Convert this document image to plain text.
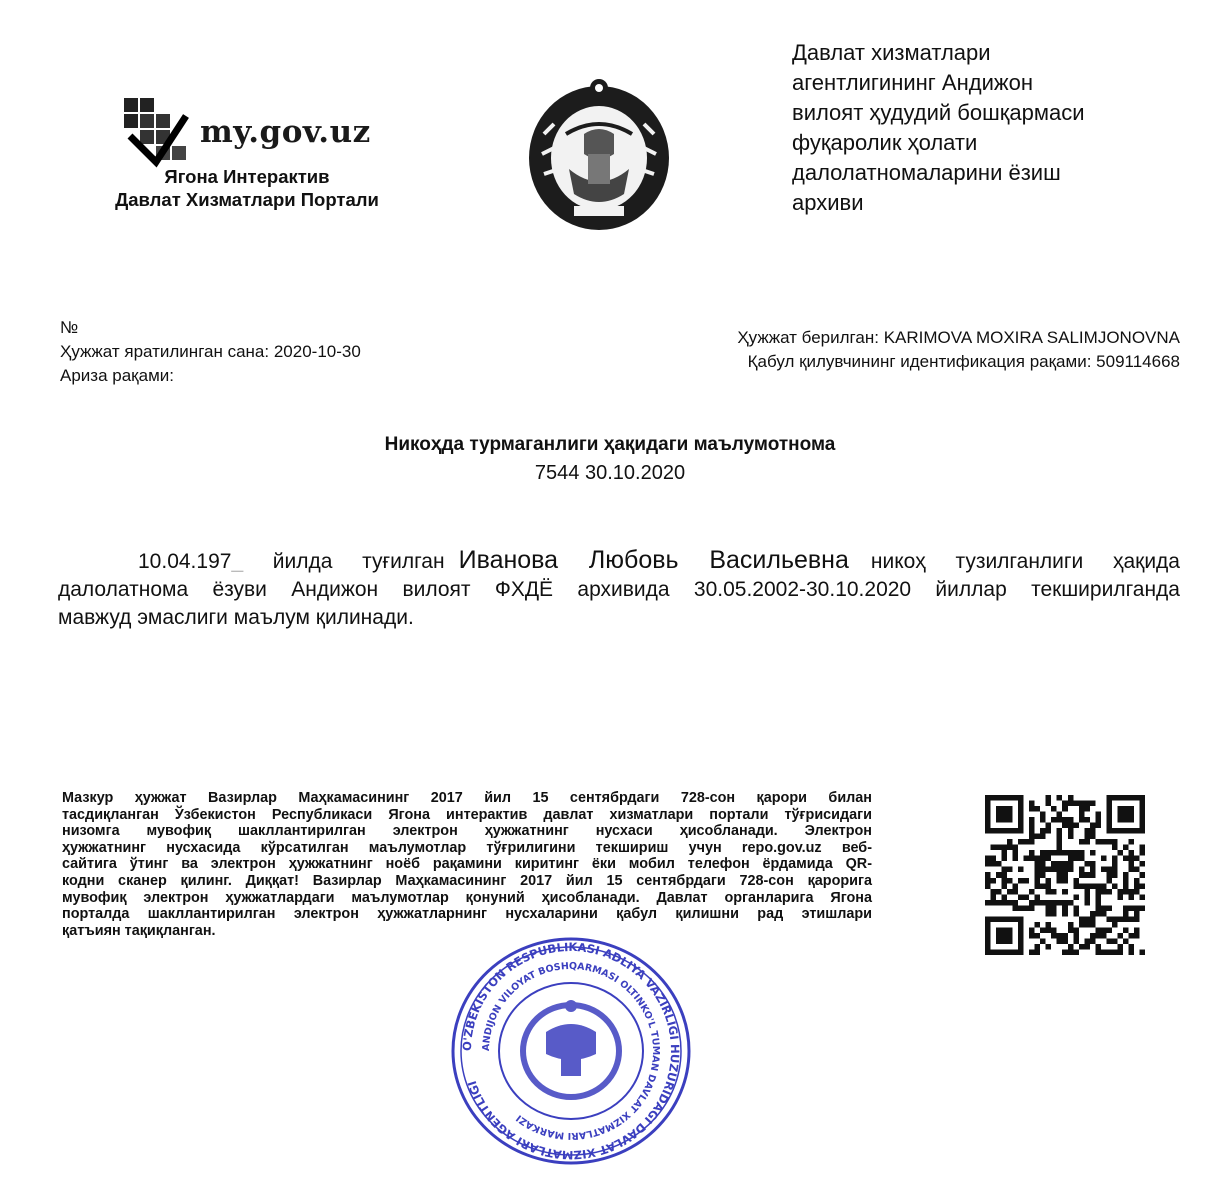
my.gov.uz
Ягона Интерактив
Давлат Хизматлари Портали
Давлат хизматлари
агентлигининг Андижон
вилоят ҳудудий бошқармаси
фуқаролик ҳолати
далолатномаларини ёзиш
архиви
№
Ҳужжат яратилинган сана: 2020-10-30
Ариза рақами:
Ҳужжат берилган: KARIMOVA MOXIRA SALIMJONOVNA
Қабул қилувчининг идентификация рақами: 509114668
Никоҳда турмаганлиги ҳақидаги маълумотнома
7544 30.10.2020
10.04.197_ йилда туғилган Иванова Любовь Васильевна никоҳ тузилганлиги ҳақида
далолатнома ёзуви Андижон вилоят ФХДЁ архивида 30.05.2002-30.10.2020 йиллар текширилганда
мавжуд эмаслиги маълум қилинади.
Мазкур ҳужжат Вазирлар Маҳкамасининг 2017 йил 15 сентябрдаги 728-сон қарори билан
тасдиқланган Ўзбекистон Республикаси Ягона интерактив давлат хизматлари портали тўғрисидаги
низомга мувофиқ шакллантирилган электрон ҳужжатнинг нусхаси ҳисобланади. Электрон
ҳужжатнинг нусхасида кўрсатилган маълумотлар тўғрилигини текшириш учун repo.gov.uz веб-
сайтига ўтинг ва электрон ҳужжатнинг ноёб рақамини киритинг ёки мобил телефон ёрдамида QR-
кодни сканер қилинг. Диққат! Вазирлар Маҳкамасининг 2017 йил 15 сентябрдаги 728-сон қарорига
мувофиқ электрон ҳужжатлардаги маълумотлар қонуний ҳисобланади. Давлат органларига Ягона
порталда шакллантирилган электрон ҳужжатларнинг нусхаларини қабул қилишни рад этишлари
қатъиян тақиқланган.
O'ZBEKISTON RESPUBLIKASI ADLIYA VAZIRLIGI HUZURIDAGI DAVLAT XIZMATLARI AGENTLIGI
ANDIJON VILOYAT BOSHQARMASI OLTINKO'L TUMAN DAVLAT XIZMATLARI MARKAZI
